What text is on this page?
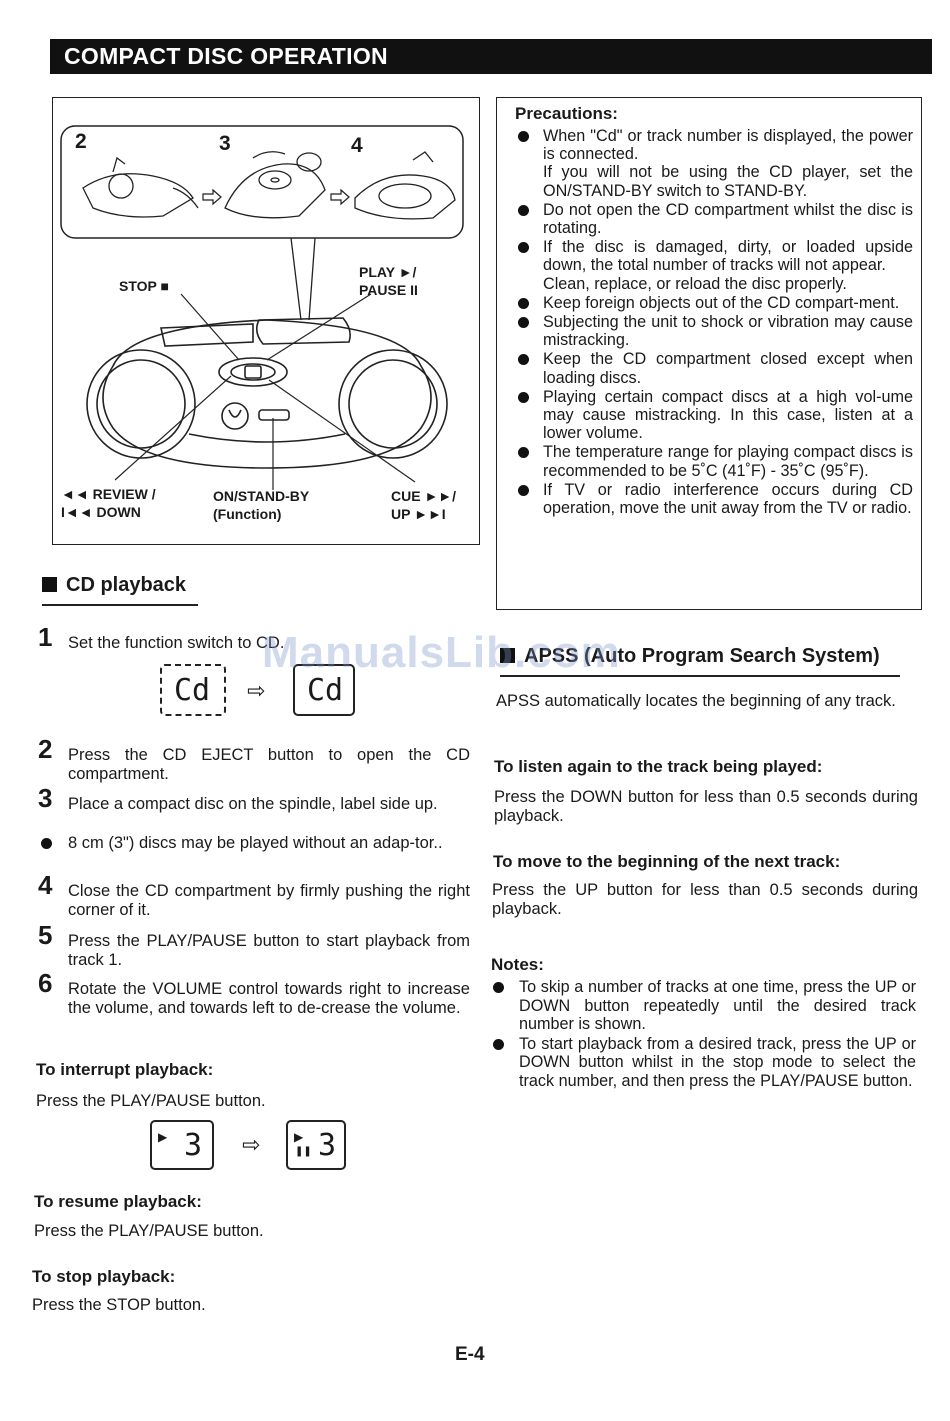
COMPACT DISC OPERATION
2	3	4
STOP ■
PLAY ►/
PAUSE II
◄◄ REVIEW /
I◄◄ DOWN
ON/STAND-BY
(Function)
CUE ►►/
UP ►►I
Precautions:
When "Cd" or track number is displayed, the power is connected.
If you will not be using the CD player, set the ON/STAND-BY switch to STAND-BY.
Do not open the CD compartment whilst the disc is rotating.
If the disc is damaged, dirty, or loaded upside down, the total number of tracks will not appear.
Clean, replace, or reload the disc properly.
Keep foreign objects out of the CD compart-ment.
Subjecting the unit to shock or vibration may cause mistracking.
Keep the CD compartment closed except when loading discs.
Playing certain compact discs at a high vol-ume may cause mistracking. In this case, listen at a lower volume.
The temperature range for playing compact discs is recommended to be 5˚C (41˚F) - 35˚C (95˚F).
If TV or radio interference occurs during CD operation, move the unit away from the TV or radio.
CD playback
1 Set the function switch to CD.
Cd ⇨ Cd
2 Press the CD EJECT button to open the CD compartment.
3 Place a compact disc on the spindle, label side up.
8 cm (3") discs may be played without an adap-tor..
4 Close the CD compartment by firmly pushing the right corner of it.
5 Press the PLAY/PAUSE button to start playback from track 1.
6 Rotate the VOLUME control towards right to increase the volume, and towards left to de-crease the volume.
To interrupt playback:
Press the PLAY/PAUSE button.
▶ 3 ⇨	▶
❚❚ 3
To resume playback:
Press the PLAY/PAUSE button.
To stop playback:
Press the STOP button.
APSS (Auto Program Search System)
APSS automatically locates the beginning of any track.
To listen again to the track being played:
Press the DOWN button for less than 0.5 seconds during playback.
To move to the beginning of the next track:
Press the UP button for less than 0.5 seconds during playback.
Notes:
To skip a number of tracks at one time, press the UP or DOWN button repeatedly until the desired track number is shown.
To start playback from a desired track, press the UP or DOWN button whilst in the stop mode to select the track number, and then press the PLAY/PAUSE button.
ManualsLib.com
E-4
